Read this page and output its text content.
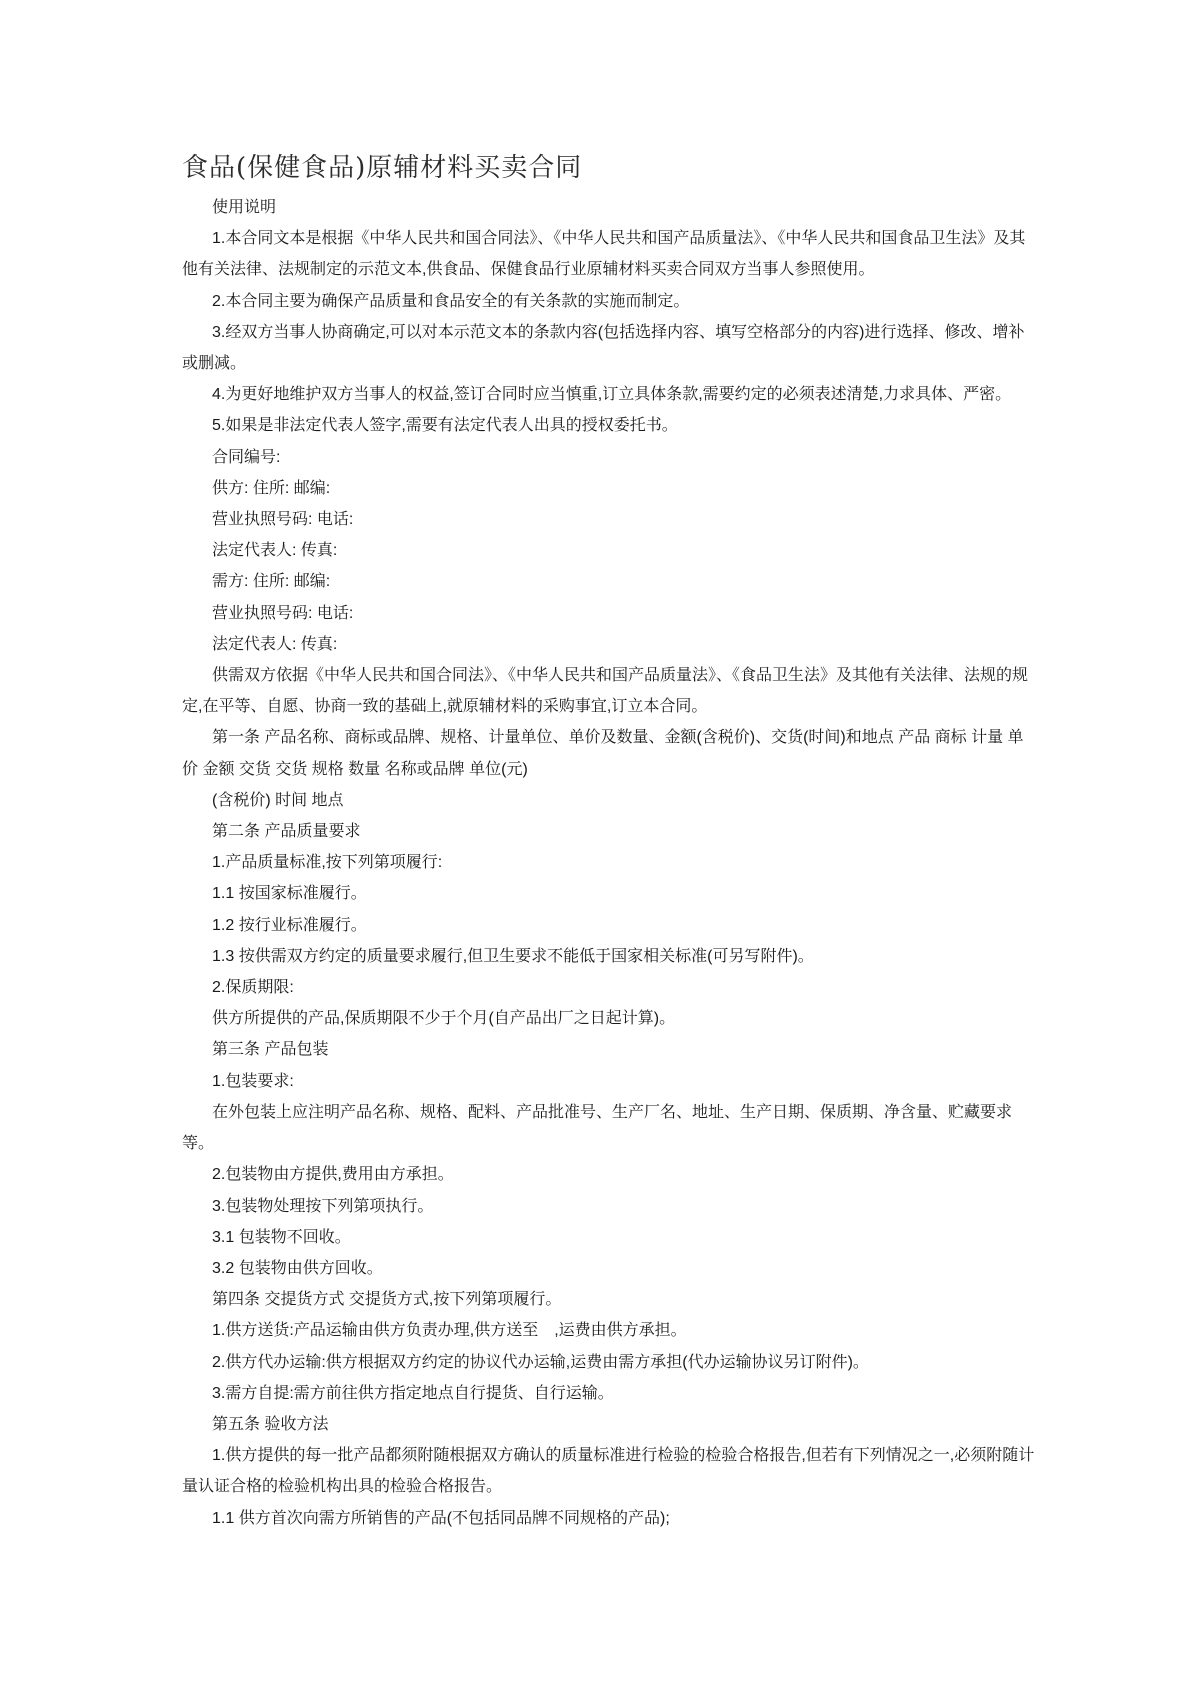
食品(保健食品)原辅材料买卖合同

使用说明

1.本合同文本是根据《中华人民共和国合同法》、《中华人民共和国产品质量法》、《中华人民共和国食品卫生法》及其他有关法律、法规制定的示范文本,供食品、保健食品行业原辅材料买卖合同双方当事人参照使用。

2.本合同主要为确保产品质量和食品安全的有关条款的实施而制定。

3.经双方当事人协商确定,可以对本示范文本的条款内容(包括选择内容、填写空格部分的内容)进行选择、修改、增补或删减。

4.为更好地维护双方当事人的权益,签订合同时应当慎重,订立具体条款,需要约定的必须表述清楚,力求具体、严密。

5.如果是非法定代表人签字,需要有法定代表人出具的授权委托书。

合同编号:

供方: 住所: 邮编:

营业执照号码: 电话:

法定代表人: 传真:

需方: 住所: 邮编:

营业执照号码: 电话:

法定代表人: 传真:

供需双方依据《中华人民共和国合同法》、《中华人民共和国产品质量法》、《食品卫生法》及其他有关法律、法规的规定,在平等、自愿、协商一致的基础上,就原辅材料的采购事宜,订立本合同。

第一条 产品名称、商标或品牌、规格、计量单位、单价及数量、金额(含税价)、交货(时间)和地点 产品 商标 计量 单价 金额 交货 交货 规格 数量 名称或品牌 单位(元)

(含税价) 时间 地点

第二条 产品质量要求

1.产品质量标准,按下列第项履行:

1.1 按国家标准履行。

1.2 按行业标准履行。

1.3 按供需双方约定的质量要求履行,但卫生要求不能低于国家相关标准(可另写附件)。

2.保质期限:

供方所提供的产品,保质期限不少于个月(自产品出厂之日起计算)。

第三条 产品包装

1.包装要求:

在外包装上应注明产品名称、规格、配料、产品批准号、生产厂名、地址、生产日期、保质期、净含量、贮藏要求等。

2.包装物由方提供,费用由方承担。

3.包装物处理按下列第项执行。

3.1 包装物不回收。

3.2 包装物由供方回收。

第四条 交提货方式 交提货方式,按下列第项履行。

1.供方送货:产品运输由供方负责办理,供方送至　,运费由供方承担。

2.供方代办运输:供方根据双方约定的协议代办运输,运费由需方承担(代办运输协议另订附件)。

3.需方自提:需方前往供方指定地点自行提货、自行运输。

第五条 验收方法

1.供方提供的每一批产品都须附随根据双方确认的质量标准进行检验的检验合格报告,但若有下列情况之一,必须附随计量认证合格的检验机构出具的检验合格报告。

1.1 供方首次向需方所销售的产品(不包括同品牌不同规格的产品);
